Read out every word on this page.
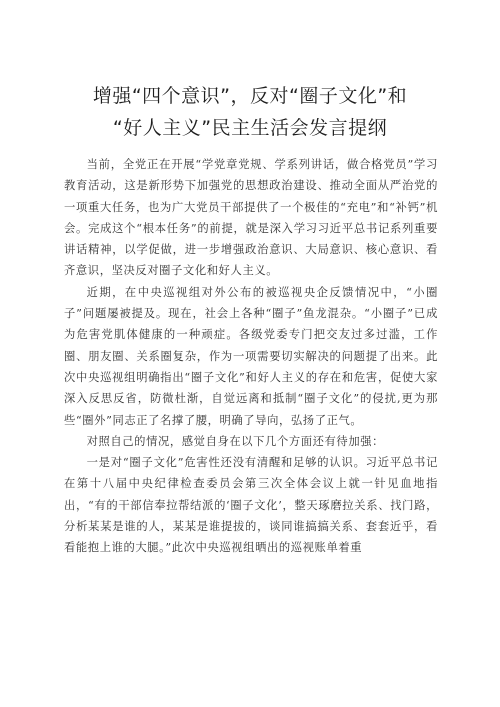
增强“四个意识”，反对“圈子文化”和
“好人主义”民主生活会发言提纲

当前，全党正在开展“学党章党规、学系列讲话，做合格党员”学习教育活动，这是新形势下加强党的思想政治建设、推动全面从严治党的一项重大任务，也为广大党员干部提供了一个极佳的“充电”和“补钙”机会。完成这个“根本任务”的前提，就是深入学习习近平总书记系列重要讲话精神，以学促做，进一步增强政治意识、大局意识、核心意识、看齐意识，坚决反对圈子文化和好人主义。

近期，在中央巡视组对外公布的被巡视央企反馈情况中，“小圈子”问题屡被提及。现在，社会上各种“圈子”鱼龙混杂。“小圈子”已成为危害党肌体健康的一种顽症。各级党委专门把交友过多过滥，工作圈、朋友圈、关系圈复杂，作为一项需要切实解决的问题提了出来。此次中央巡视组明确指出“圈子文化”和好人主义的存在和危害，促使大家深入反思反省，防微杜渐，自觉远离和抵制“圈子文化”的侵扰,更为那些“圈外”同志正了名撑了腰，明确了导向，弘扬了正气。

对照自己的情况，感觉自身在以下几个方面还有待加强：

一是对“圈子文化”危害性还没有清醒和足够的认识。习近平总书记在第十八届中央纪律检查委员会第三次全体会议上就一针见血地指出，“有的干部信奉拉帮结派的‘圈子文化’，整天琢磨拉关系、找门路，分析某某是谁的人，某某是谁提拔的，谈同谁搞搞关系、套套近乎，看看能抱上谁的大腿。”此次中央巡视组晒出的巡视账单着重
